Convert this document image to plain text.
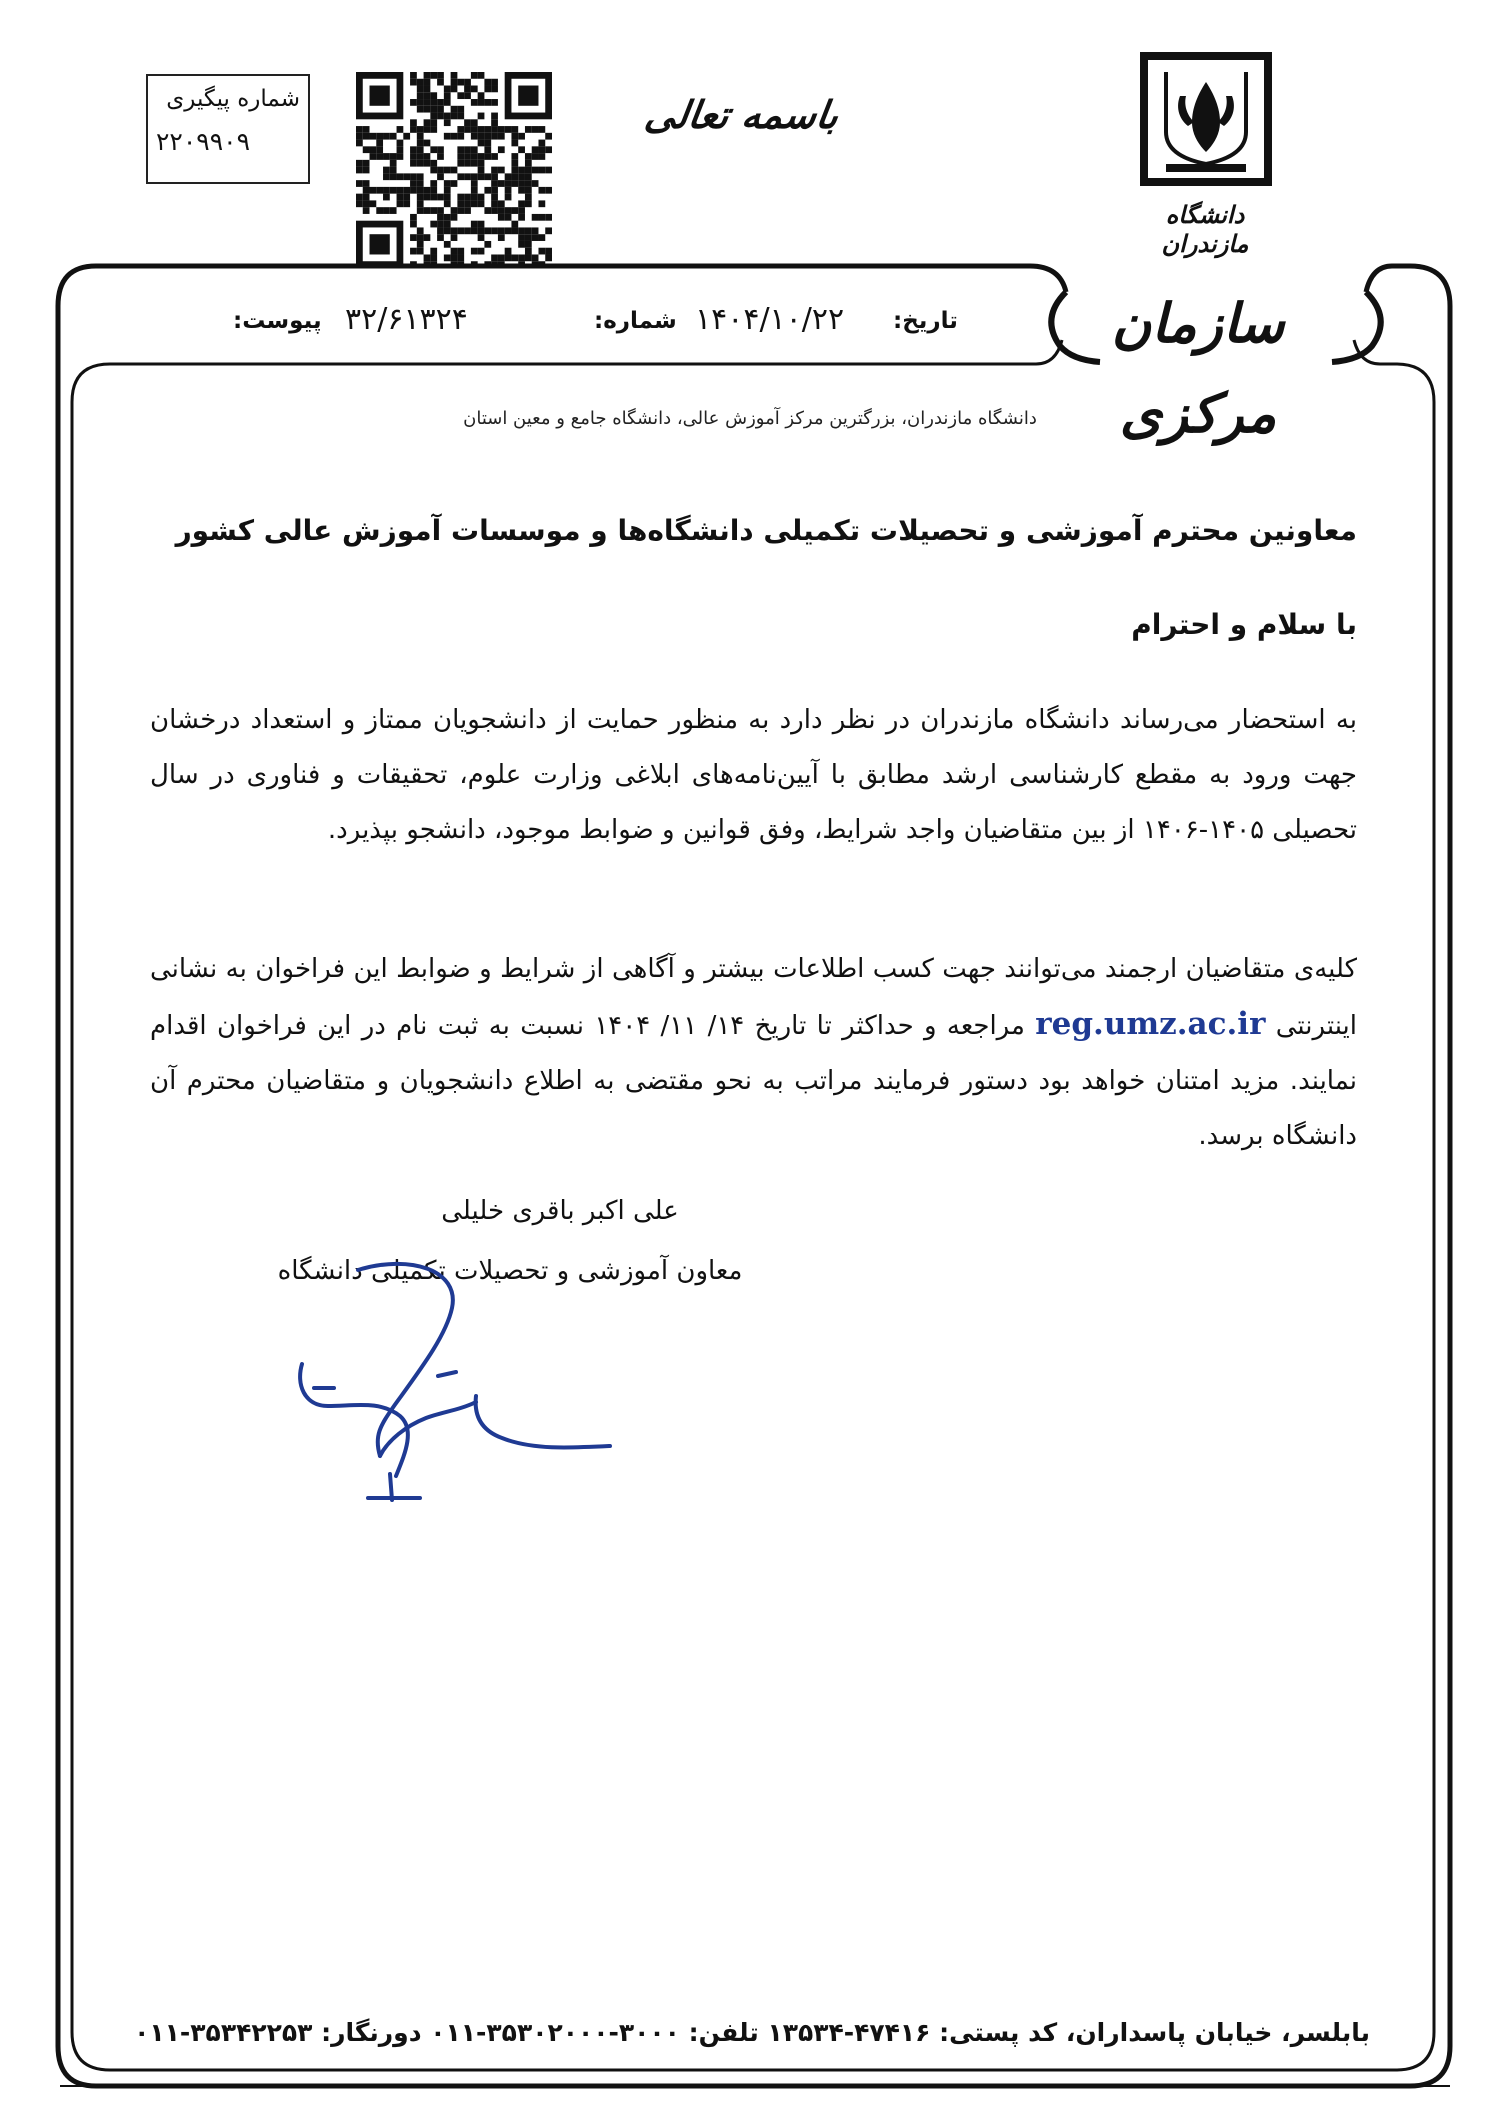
شماره پیگیری
۲۲۰۹۹۰۹
باسمه تعالی
دانشگاه مازندران
سازمان مرکزی
تاریخ:
۱۴۰۴/۱۰/۲۲
شماره:
۳۲/۶۱۳۲۴
پیوست:
دانشگاه مازندران، بزرگترین مرکز آموزش عالی، دانشگاه جامع و معین استان
معاونین محترم آموزشی و تحصیلات تکمیلی دانشگاه‌ها و موسسات آموزش عالی کشور
با سلام و احترام
به استحضار می‌رساند دانشگاه مازندران در نظر دارد به منظور حمایت از دانشجویان ممتاز و استعداد درخشان جهت ورود به مقطع کارشناسی ارشد مطابق با آیین‌نامه‌های ابلاغی وزارت علوم، تحقیقات و فناوری در سال تحصیلی ۱۴۰۵-۱۴۰۶ از بین متقاضیان واجد شرایط، وفق قوانین و ضوابط موجود، دانشجو بپذیرد.
کلیه‌ی متقاضیان ارجمند می‌توانند جهت کسب اطلاعات بیشتر و آگاهی از شرایط و ضوابط این فراخوان به نشانی اینترنتی reg.umz.ac.ir مراجعه و حداکثر تا تاریخ ۱۴/ ۱۱/ ۱۴۰۴ نسبت به ثبت نام در این فراخوان اقدام نمایند. مزید امتنان خواهد بود دستور فرمایند مراتب به نحو مقتضی به اطلاع دانشجویان و متقاضیان محترم آن دانشگاه برسد.
علی اکبر باقری خلیلی
معاون آموزشی و تحصیلات تکمیلی دانشگاه
بابلسر، خیابان پاسداران، کد پستی: ۴۷۴۱۶-۱۳۵۳۴ تلفن: ۳۰۰۰-۳۵۳۰۲۰۰۰-۰۱۱ دورنگار: ۳۵۳۴۲۲۵۳-۰۱۱
